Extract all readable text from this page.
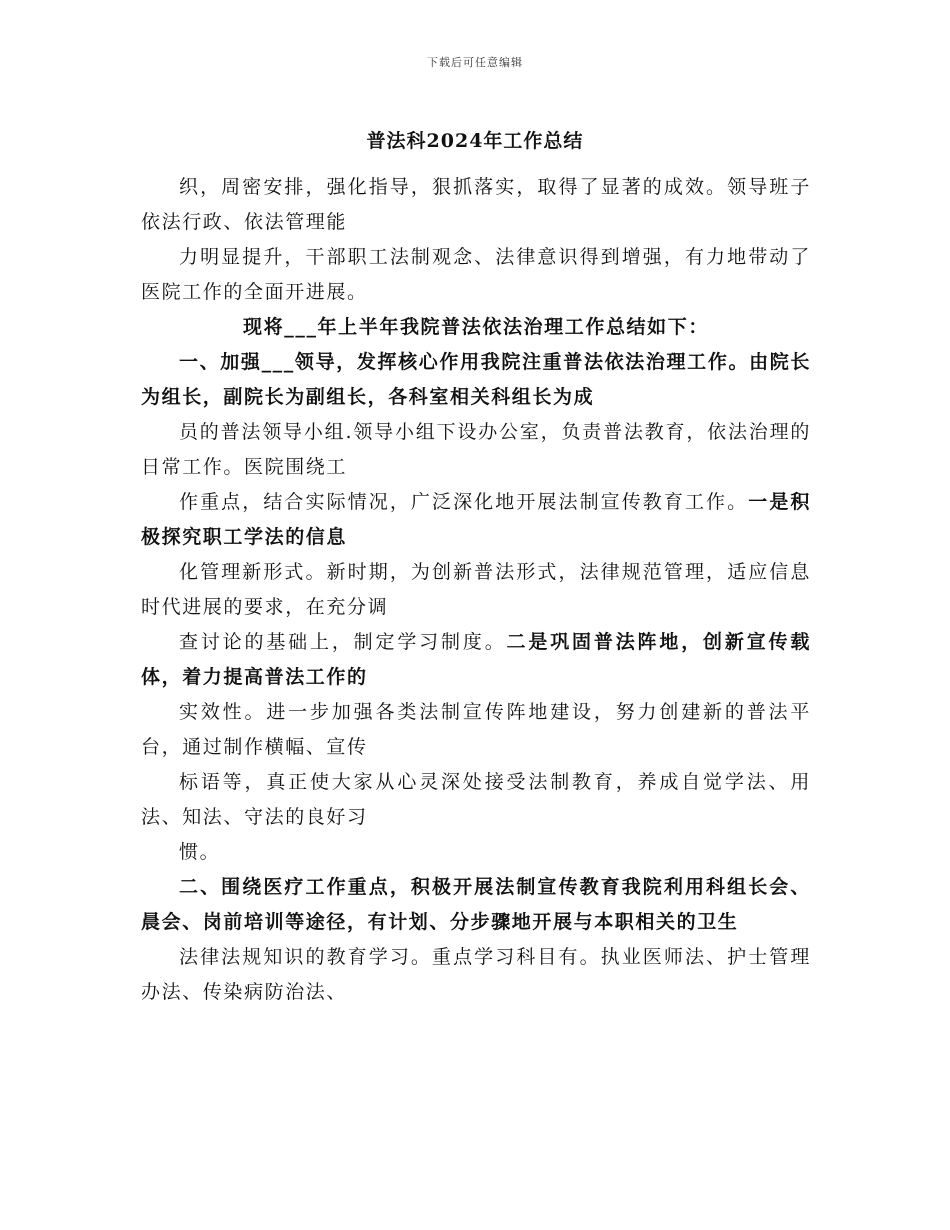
下载后可任意编辑
普法科2024年工作总结

织，周密安排，强化指导，狠抓落实，取得了显著的成效。领导班子依法行政、依法管理能

力明显提升，干部职工法制观念、法律意识得到增强，有力地带动了医院工作的全面开进展。

现将___年上半年我院普法依法治理工作总结如下：

一、加强___领导，发挥核心作用我院注重普法依法治理工作。由院长为组长，副院长为副组长，各科室相关科组长为成

员的普法领导小组.领导小组下设办公室，负责普法教育，依法治理的日常工作。医院围绕工

作重点，结合实际情况，广泛深化地开展法制宣传教育工作。一是积极探究职工学法的信息

化管理新形式。新时期，为创新普法形式，法律规范管理，适应信息时代进展的要求，在充分调

查讨论的基础上，制定学习制度。二是巩固普法阵地，创新宣传载体，着力提高普法工作的

实效性。进一步加强各类法制宣传阵地建设，努力创建新的普法平台，通过制作横幅、宣传

标语等，真正使大家从心灵深处接受法制教育，养成自觉学法、用法、知法、守法的良好习

惯。

二、围绕医疗工作重点，积极开展法制宣传教育我院利用科组长会、晨会、岗前培训等途径，有计划、分步骤地开展与本职相关的卫生

法律法规知识的教育学习。重点学习科目有。执业医师法、护士管理办法、传染病防治法、
